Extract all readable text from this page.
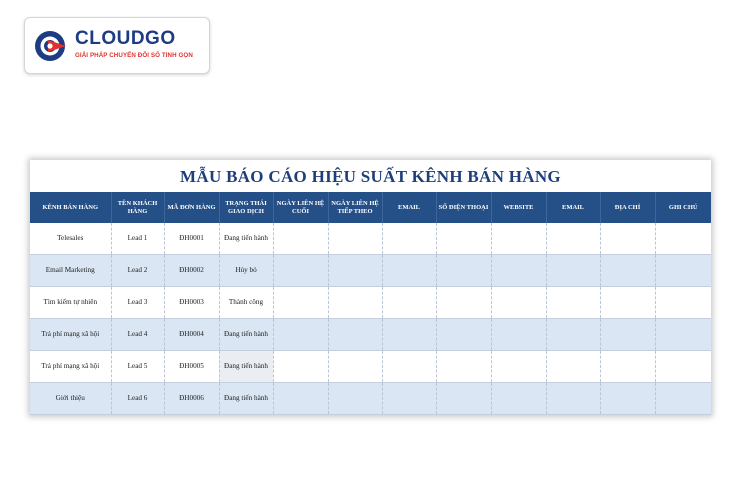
CLOUDGO
GIẢI PHÁP CHUYỂN ĐỔI SỐ TINH GỌN
MẪU BÁO CÁO HIỆU SUẤT KÊNH BÁN HÀNG
KÊNH BÁN HÀNG	TÊN KHÁCH HÀNG	MÃ ĐƠN HÀNG	TRẠNG THÁI GIAO DỊCH	NGÀY LIÊN HỆ CUỐI	NGÀY LIÊN HỆ TIẾP THEO	EMAIL	SỐ ĐIỆN THOẠI	WEBSITE	EMAIL	ĐỊA CHỈ	GHI CHÚ
Telesales	Lead 1	ĐH0001	Đang tiến hành								
Email Marketing	Lead 2	ĐH0002	Hủy bỏ								
Tìm kiếm tự nhiên	Lead 3	ĐH0003	Thành công								
Trả phí mạng xã hội	Lead 4	ĐH0004	Đang tiến hành								
Trả phí mạng xã hội	Lead 5	ĐH0005	Đang tiến hành								
Giới thiệu	Lead 6	ĐH0006	Đang tiến hành								
